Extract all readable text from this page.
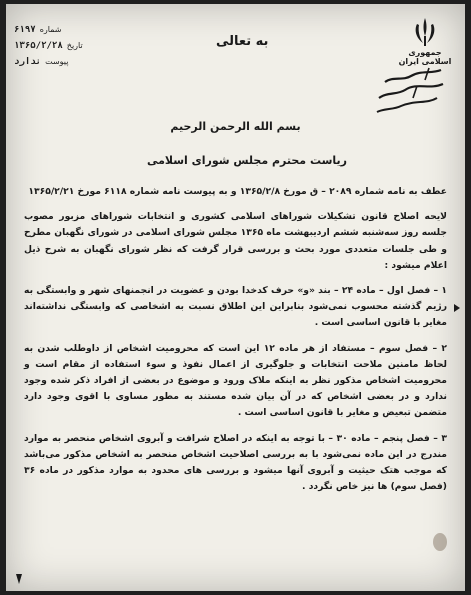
جمهوری اسلامی ایران
به تعالی
شماره
۶۱۹۷
تاریخ
۱۳۶۵/۲/۲۸
پیوست
ندارد
بسم الله الرحمن الرحیم
ریاست محترم مجلس شورای اسلامی

عطف به نامه شماره ۲۰۸۹ – ق مورخ ۱۳۶۵/۲/۸ و به پیوست نامه شماره ۶۱۱۸ مورخ ۱۳۶۵/۲/۲۱

لایحه اصلاح قانون تشکیلات شوراهای اسلامی کشوری و انتخابات شوراهای مزبور مصوب جلسه روز سه‌شنبه ششم اردیبهشت ماه ۱۳۶۵ مجلس شورای اسلامی در شورای نگهبان مطرح و طی جلسات متعددی مورد بحث و بررسی قرار گرفت که نظر شورای نگهبان به شرح ذیل اعلام میشود :

۱ – فصل اول – ماده ۲۴ – بند «و» حرف کدخدا بودن و عضویت در انجمنهای شهر و وابستگی به رژیم گذشته محسوب نمی‌شود بنابراین این اطلاق نسبت به اشخاصی که وابستگی نداشته‌اند مغایر با قانون اساسی است .

۲ – فصل سوم – مستفاد از هر ماده ۱۲ این است که محرومیت اشخاص از داوطلب شدن به لحاظ مامنین ملاحت انتخابات و جلوگیری از اعمال نفوذ و سوء استفاده از مقام است و محرومیت اشخاص مذکور نظر به اینکه ملاک ورود و موضوع در بعضی از افراد ذکر شده وجود ندارد و در بعضی اشخاص که در آن بیان شده مستند به مطور مساوی با اقوی وجود دارد متضمن تبعیض و مغایر با قانون اساسی است .

۳ – فصل پنجم – ماده ۳۰ – با توجه به اینکه در اصلاح شرافت و آبروی اشخاص منحصر به موارد مندرج در این ماده نمی‌شود با به بررسی اصلاحیت اشخاص منحصر به اشخاص مذکور می‌باشد که موجب هتک حیثیت و آبروی آنها میشود و بررسی های محدود به موارد مذکور در ماده ۳۶ (فصل سوم) ها نیز خاص نگردد .
